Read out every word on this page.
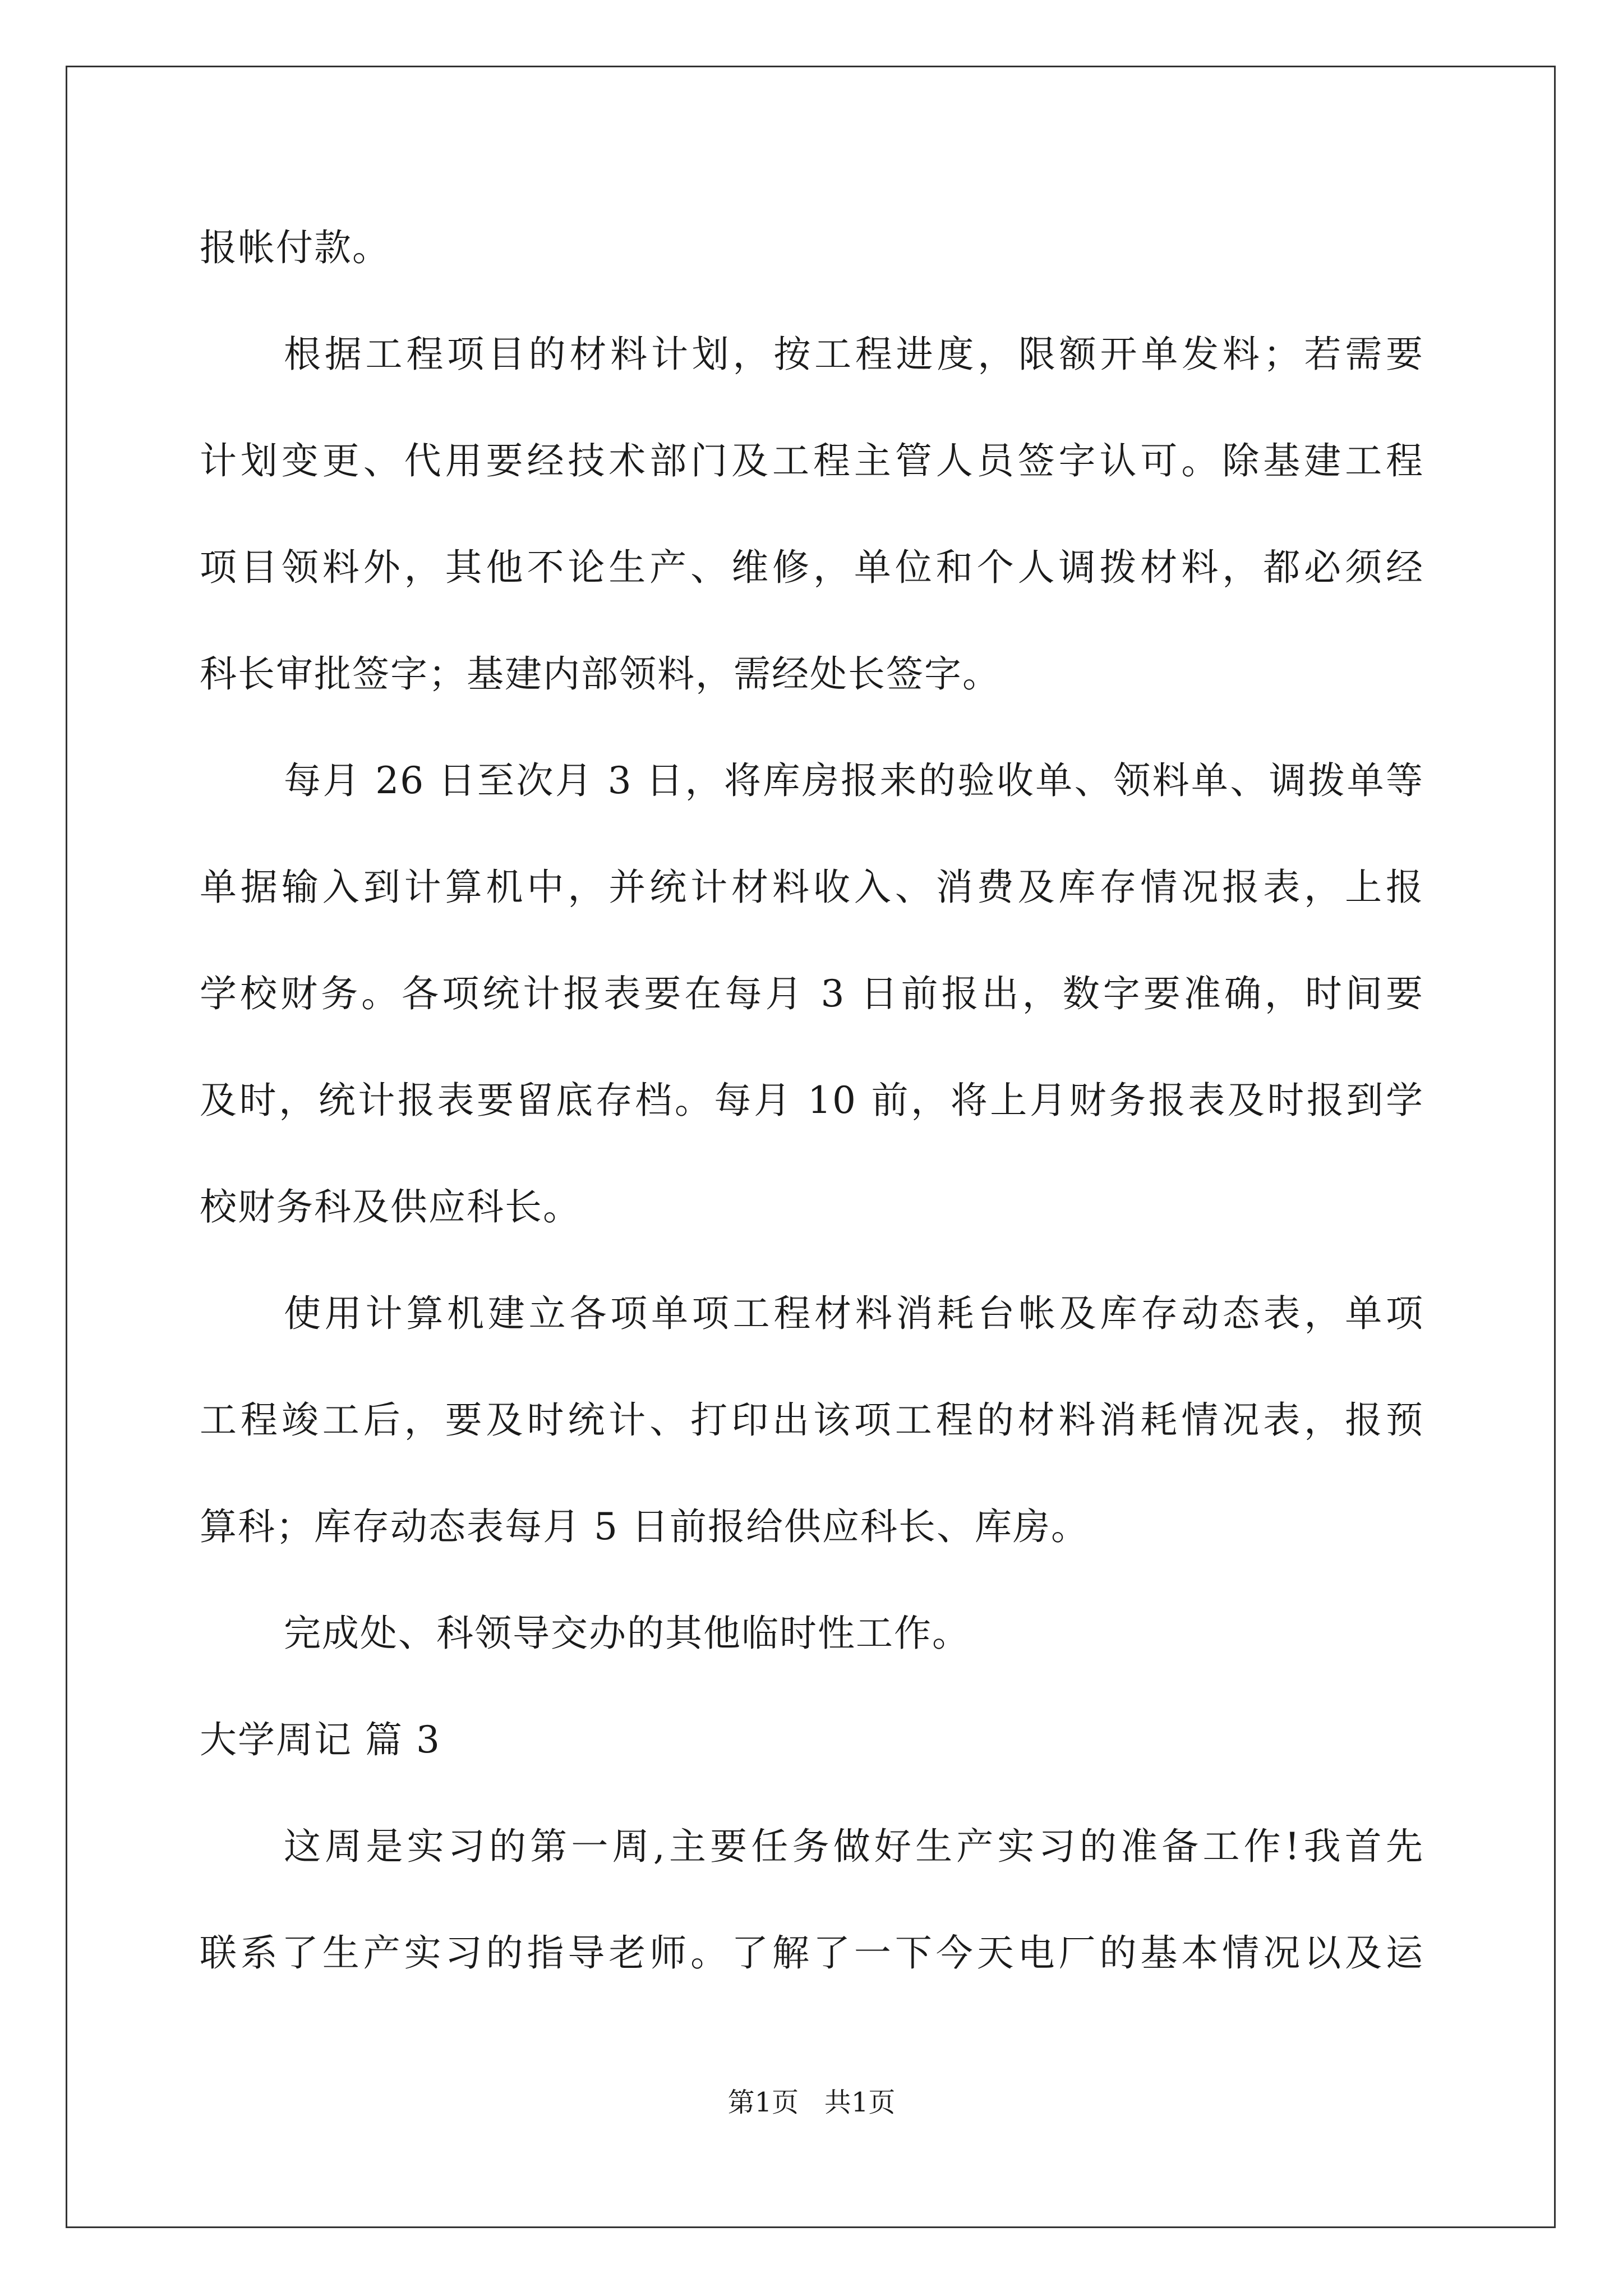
报帐付款。
根据工程项目的材料计划，按工程进度，限额开单发料；若需要
计划变更、代用要经技术部门及工程主管人员签字认可。除基建工程
项目领料外，其他不论生产、维修，单位和个人调拨材料，都必须经
科长审批签字；基建内部领料，需经处长签字。
每月 26 日至次月 3 日，将库房报来的验收单、领料单、调拨单等
单据输入到计算机中，并统计材料收入、消费及库存情况报表，上报
学校财务。各项统计报表要在每月 3 日前报出，数字要准确，时间要
及时，统计报表要留底存档。每月 10 前，将上月财务报表及时报到学
校财务科及供应科长。
使用计算机建立各项单项工程材料消耗台帐及库存动态表，单项
工程竣工后，要及时统计、打印出该项工程的材料消耗情况表，报预
算科；库存动态表每月 5 日前报给供应科长、库房。
完成处、科领导交办的其他临时性工作。
大学周记 篇 3
这周是实习的第一周,主要任务做好生产实习的准备工作!我首先
联系了生产实习的指导老师。了解了一下今天电厂的基本情况以及运
第1页   共1页
